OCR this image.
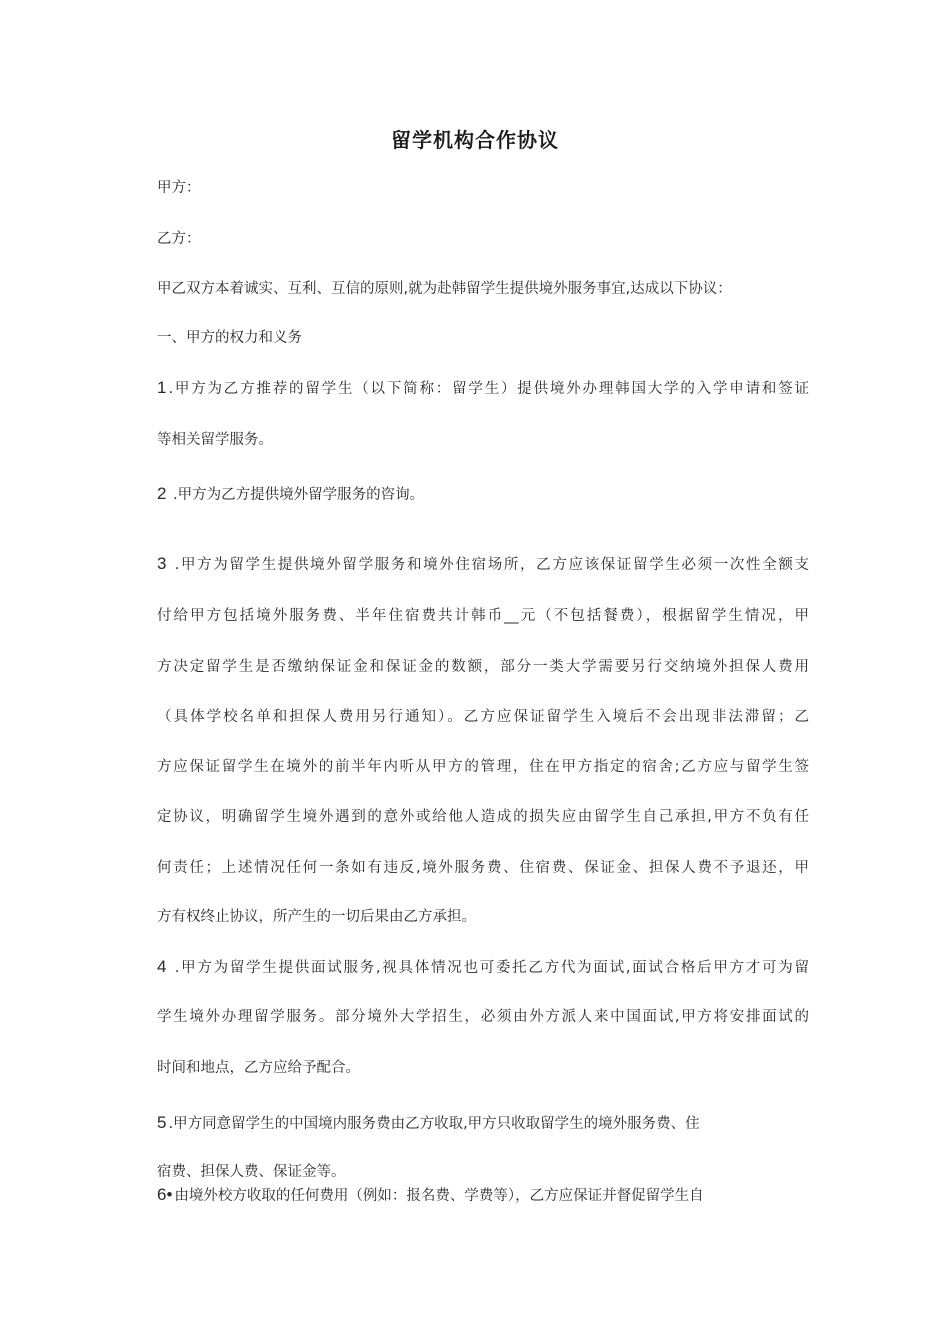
留学机构合作协议
甲方：
乙方：
甲乙双方本着诚实、互利、互信的原则,就为赴韩留学生提供境外服务事宜,达成以下协议：
一、甲方的权力和义务
1 .甲方为乙方推荐的留学生（以下简称：留学生）提供境外办理韩国大学的入学申请和签证
等相关留学服务。
2 .甲方为乙方提供境外留学服务的咨询。
3 .甲方为留学生提供境外留学服务和境外住宿场所，乙方应该保证留学生必须一次性全额支
付给甲方包括境外服务费、半年住宿费共计韩币__元（不包括餐费），根据留学生情况，甲
方决定留学生是否缴纳保证金和保证金的数额，部分一类大学需要另行交纳境外担保人费用
（具体学校名单和担保人费用另行通知）。乙方应保证留学生入境后不会出现非法滞留；乙
方应保证留学生在境外的前半年内听从甲方的管理，住在甲方指定的宿舍;乙方应与留学生签
定协议，明确留学生境外遇到的意外或给他人造成的损失应由留学生自己承担,甲方不负有任
何责任；上述情况任何一条如有违反,境外服务费、住宿费、保证金、担保人费不予退还，甲
方有权终止协议，所产生的一切后果由乙方承担。
4 .甲方为留学生提供面试服务,视具体情况也可委托乙方代为面试,面试合格后甲方才可为留
学生境外办理留学服务。部分境外大学招生，必须由外方派人来中国面试,甲方将安排面试的
时间和地点，乙方应给予配合。
5 .甲方同意留学生的中国境内服务费由乙方收取,甲方只收取留学生的境外服务费、住
宿费、担保人费、保证金等。
6• 由境外校方收取的任何费用（例如：报名费、学费等），乙方应保证并督促留学生自
